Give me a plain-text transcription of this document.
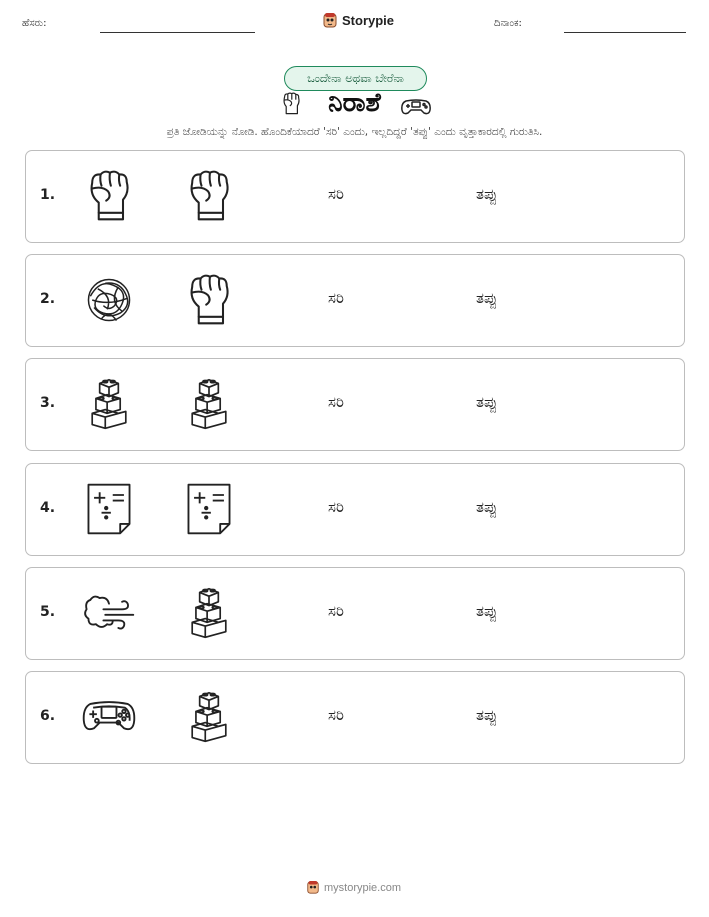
ಹೆಸರು:	Storypie	ದಿನಾಂಕ:
ಒಂದೇನಾ ಅಥವಾ ಬೇರೆನಾ
ನಿರಾಶೆ
ಪ್ರತಿ ಜೋಡಿಯನ್ನು ನೋಡಿ. ಹೊಂದಿಕೆಯಾದರೆ 'ಸರಿ' ಎಂದು, ಇಲ್ಲದಿದ್ದರೆ 'ತಪ್ಪು' ಎಂದು ವೃತ್ತಾಕಾರದಲ್ಲಿ ಗುರುತಿಸಿ.
1.	ಸರಿ	ತಪ್ಪು
2.	ಸರಿ	ತಪ್ಪು
3.	ಸರಿ	ತಪ್ಪು
4.	ಸರಿ	ತಪ್ಪು
5.	ಸರಿ	ತಪ್ಪು
6.	ಸರಿ	ತಪ್ಪು
mystorypie.com
